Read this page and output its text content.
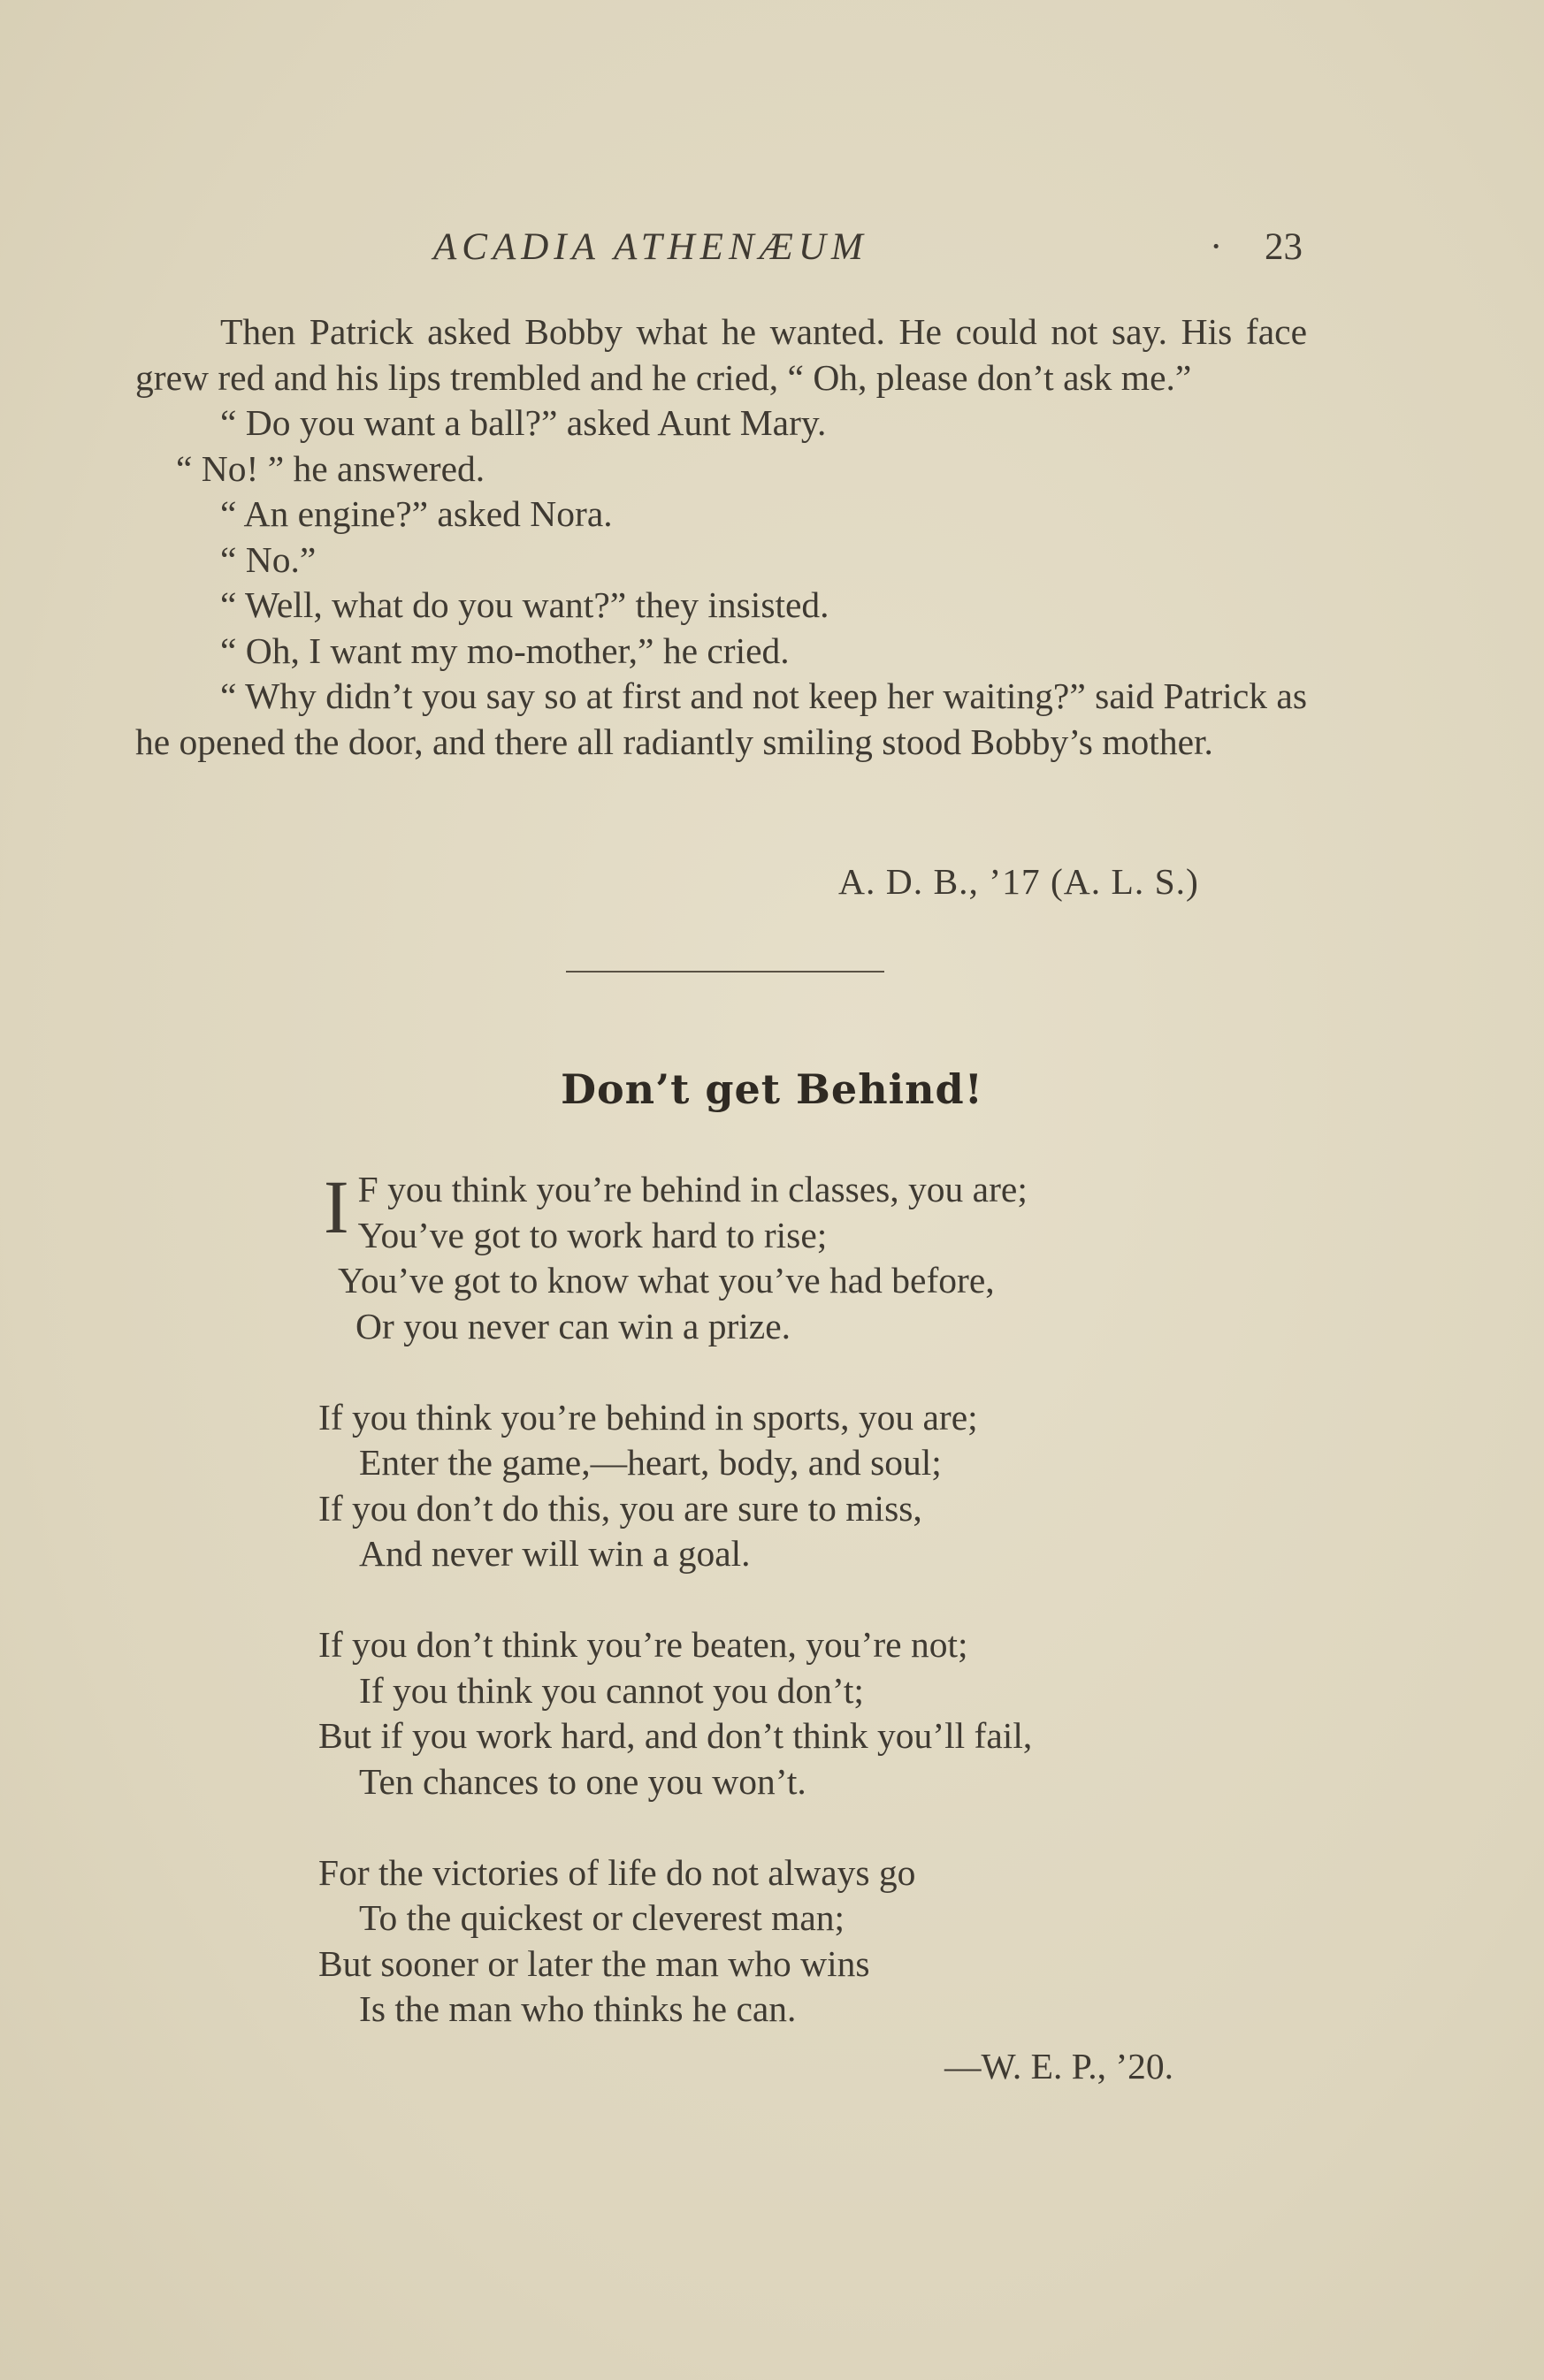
ACADIA ATHENÆUM	· 23

Then Patrick asked Bobby what he wanted. He could not say. His face grew red and his lips trembled and he cried, “ Oh, please don’t ask me.”

“ Do you want a ball?” asked Aunt Mary.

“ No! ” he answered.

“ An engine?” asked Nora.

“ No.”

“ Well, what do you want?” they insisted.

“ Oh, I want my mo-mother,” he cried.

“ Why didn’t you say so at first and not keep her waiting?” said Patrick as he opened the door, and there all radiantly smiling stood Bobby’s mother.

A. D. B., ’17 (A. L. S.)
Don’t get Behind!
I F you think you’re behind in classes, you are;
You’ve got to work hard to rise;
You’ve got to know what you’ve had before,
Or you never can win a prize.
If you think you’re behind in sports, you are;
Enter the game,—heart, body, and soul;
If you don’t do this, you are sure to miss,
And never will win a goal.
If you don’t think you’re beaten, you’re not;
If you think you cannot you don’t;
But if you work hard, and don’t think you’ll fail,
Ten chances to one you won’t.
For the victories of life do not always go
To the quickest or cleverest man;
But sooner or later the man who wins
Is the man who thinks he can.
—W. E. P., ’20.
